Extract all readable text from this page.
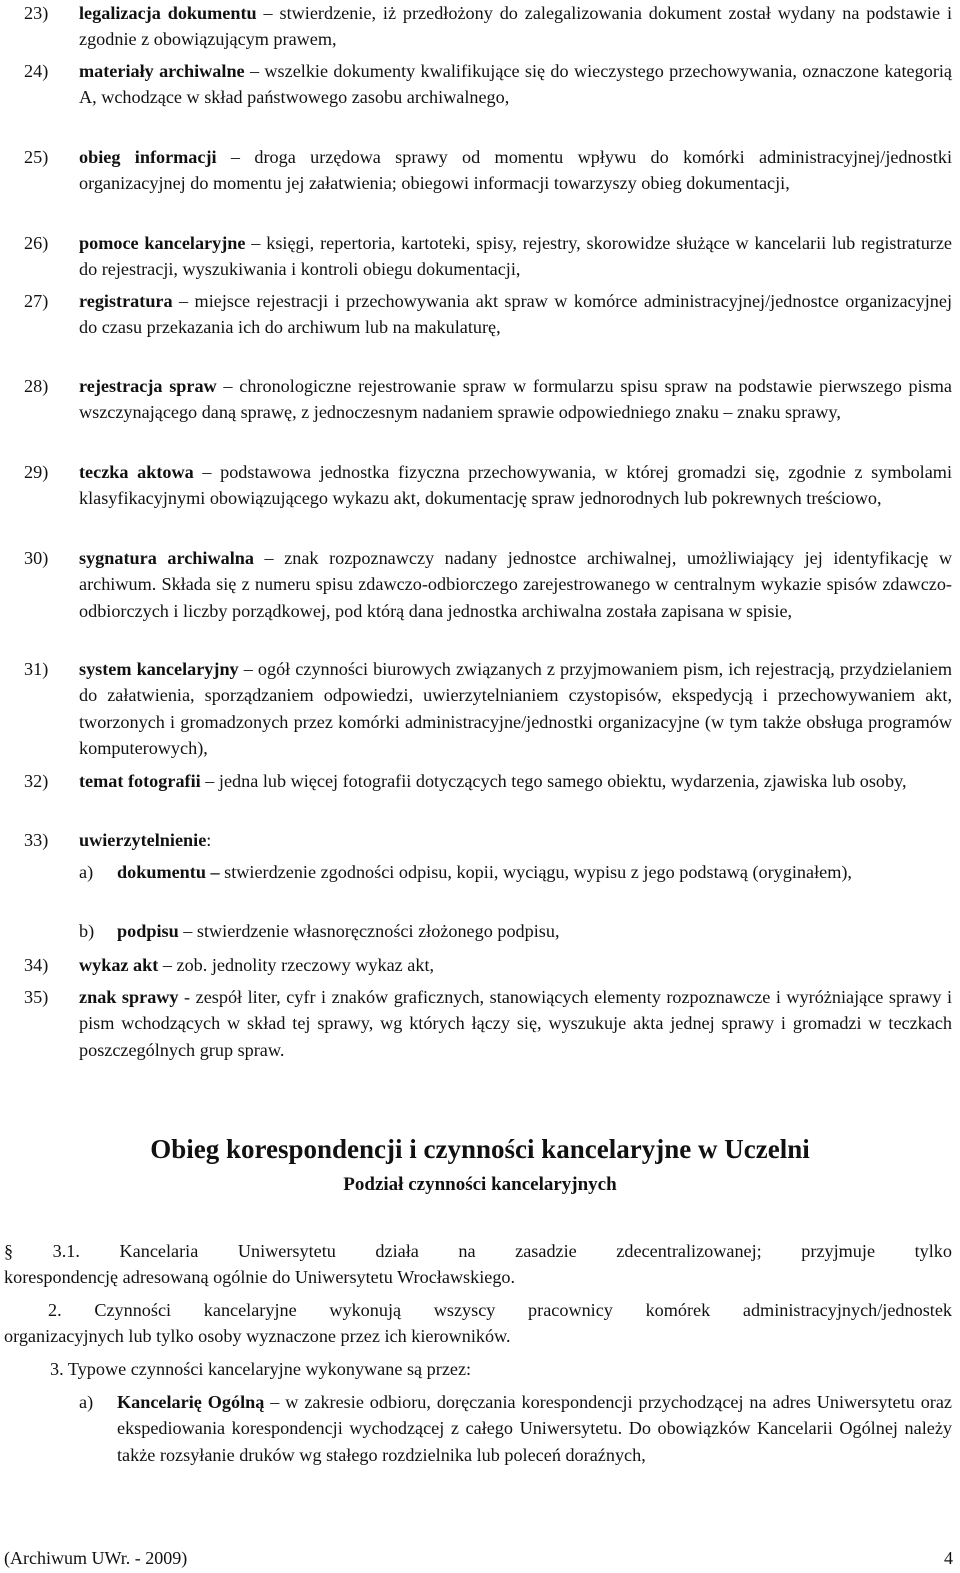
23)	legalizacja dokumentu – stwierdzenie, iż przedłożony do zalegalizowania dokument został wydany na podstawie i zgodnie z obowiązującym prawem,
24)	materiały archiwalne – wszelkie dokumenty kwalifikujące się do wieczystego przechowywania, oznaczone kategorią A, wchodzące w skład państwowego zasobu archiwalnego,
25)	obieg informacji – droga urzędowa sprawy od momentu wpływu do komórki administracyjnej/jednostki organizacyjnej do momentu jej załatwienia; obiegowi informacji towarzyszy obieg dokumentacji,
26)	pomoce kancelaryjne – księgi, repertoria, kartoteki, spisy, rejestry, skorowidze służące w kancelarii lub registraturze do rejestracji, wyszukiwania i kontroli obiegu dokumentacji,
27)	registratura – miejsce rejestracji i przechowywania akt spraw w komórce administracyjnej/jednostce organizacyjnej do czasu przekazania ich do archiwum lub na makulaturę,
28)	rejestracja spraw – chronologiczne rejestrowanie spraw w formularzu spisu spraw na podstawie pierwszego pisma wszczynającego daną sprawę, z jednoczesnym nadaniem sprawie odpowiedniego znaku – znaku sprawy,
29)	teczka aktowa – podstawowa jednostka fizyczna przechowywania, w której gromadzi się, zgodnie z symbolami klasyfikacyjnymi obowiązującego wykazu akt, dokumentację spraw jednorodnych lub pokrewnych treściowo,
30)	sygnatura archiwalna – znak rozpoznawczy nadany jednostce archiwalnej, umożliwiający jej identyfikację w archiwum. Składa się z numeru spisu zdawczo-odbiorczego zarejestrowanego w centralnym wykazie spisów zdawczo-odbiorczych i liczby porządkowej, pod którą dana jednostka archiwalna została zapisana w spisie,
31)	system kancelaryjny – ogół czynności biurowych związanych z przyjmowaniem pism, ich rejestracją, przydzielaniem do załatwienia, sporządzaniem odpowiedzi, uwierzytelnianiem czystopisów, ekspedycją i przechowywaniem akt, tworzonych i gromadzonych przez komórki administracyjne/jednostki organizacyjne (w tym także obsługa programów komputerowych),
32)	temat fotografii – jedna lub więcej fotografii dotyczących tego samego obiektu, wydarzenia, zjawiska lub osoby,
33)	uwierzytelnienie:
a)	dokumentu – stwierdzenie zgodności odpisu, kopii, wyciągu, wypisu z jego podstawą (oryginałem),
b)	podpisu – stwierdzenie własnoręczności złożonego podpisu,
34)	wykaz akt – zob. jednolity rzeczowy wykaz akt,
35)	znak sprawy - zespół liter, cyfr i znaków graficznych, stanowiących elementy rozpoznawcze i wyróżniające sprawy i pism wchodzących w skład tej sprawy, wg których łączy się, wyszukuje akta jednej sprawy i gromadzi w teczkach poszczególnych grup spraw.
Obieg korespondencji i czynności kancelaryjne w Uczelni
Podział czynności kancelaryjnych
§ 3.1. Kancelaria Uniwersytetu działa na zasadzie zdecentralizowanej; przyjmuje tylko
korespondencję adresowaną ogólnie do Uniwersytetu Wrocławskiego.
2. Czynności kancelaryjne wykonują wszyscy pracownicy komórek administracyjnych/jednostek
organizacyjnych lub tylko osoby wyznaczone przez ich kierowników.
3. Typowe czynności kancelaryjne wykonywane są przez:
a)	Kancelarię Ogólną – w zakresie odbioru, doręczania korespondencji przychodzącej na adres Uniwersytetu oraz ekspediowania korespondencji wychodzącej z całego Uniwersytetu. Do obowiązków Kancelarii Ogólnej należy także rozsyłanie druków wg stałego rozdzielnika lub poleceń doraźnych,
(Archiwum UWr. - 2009)	4
